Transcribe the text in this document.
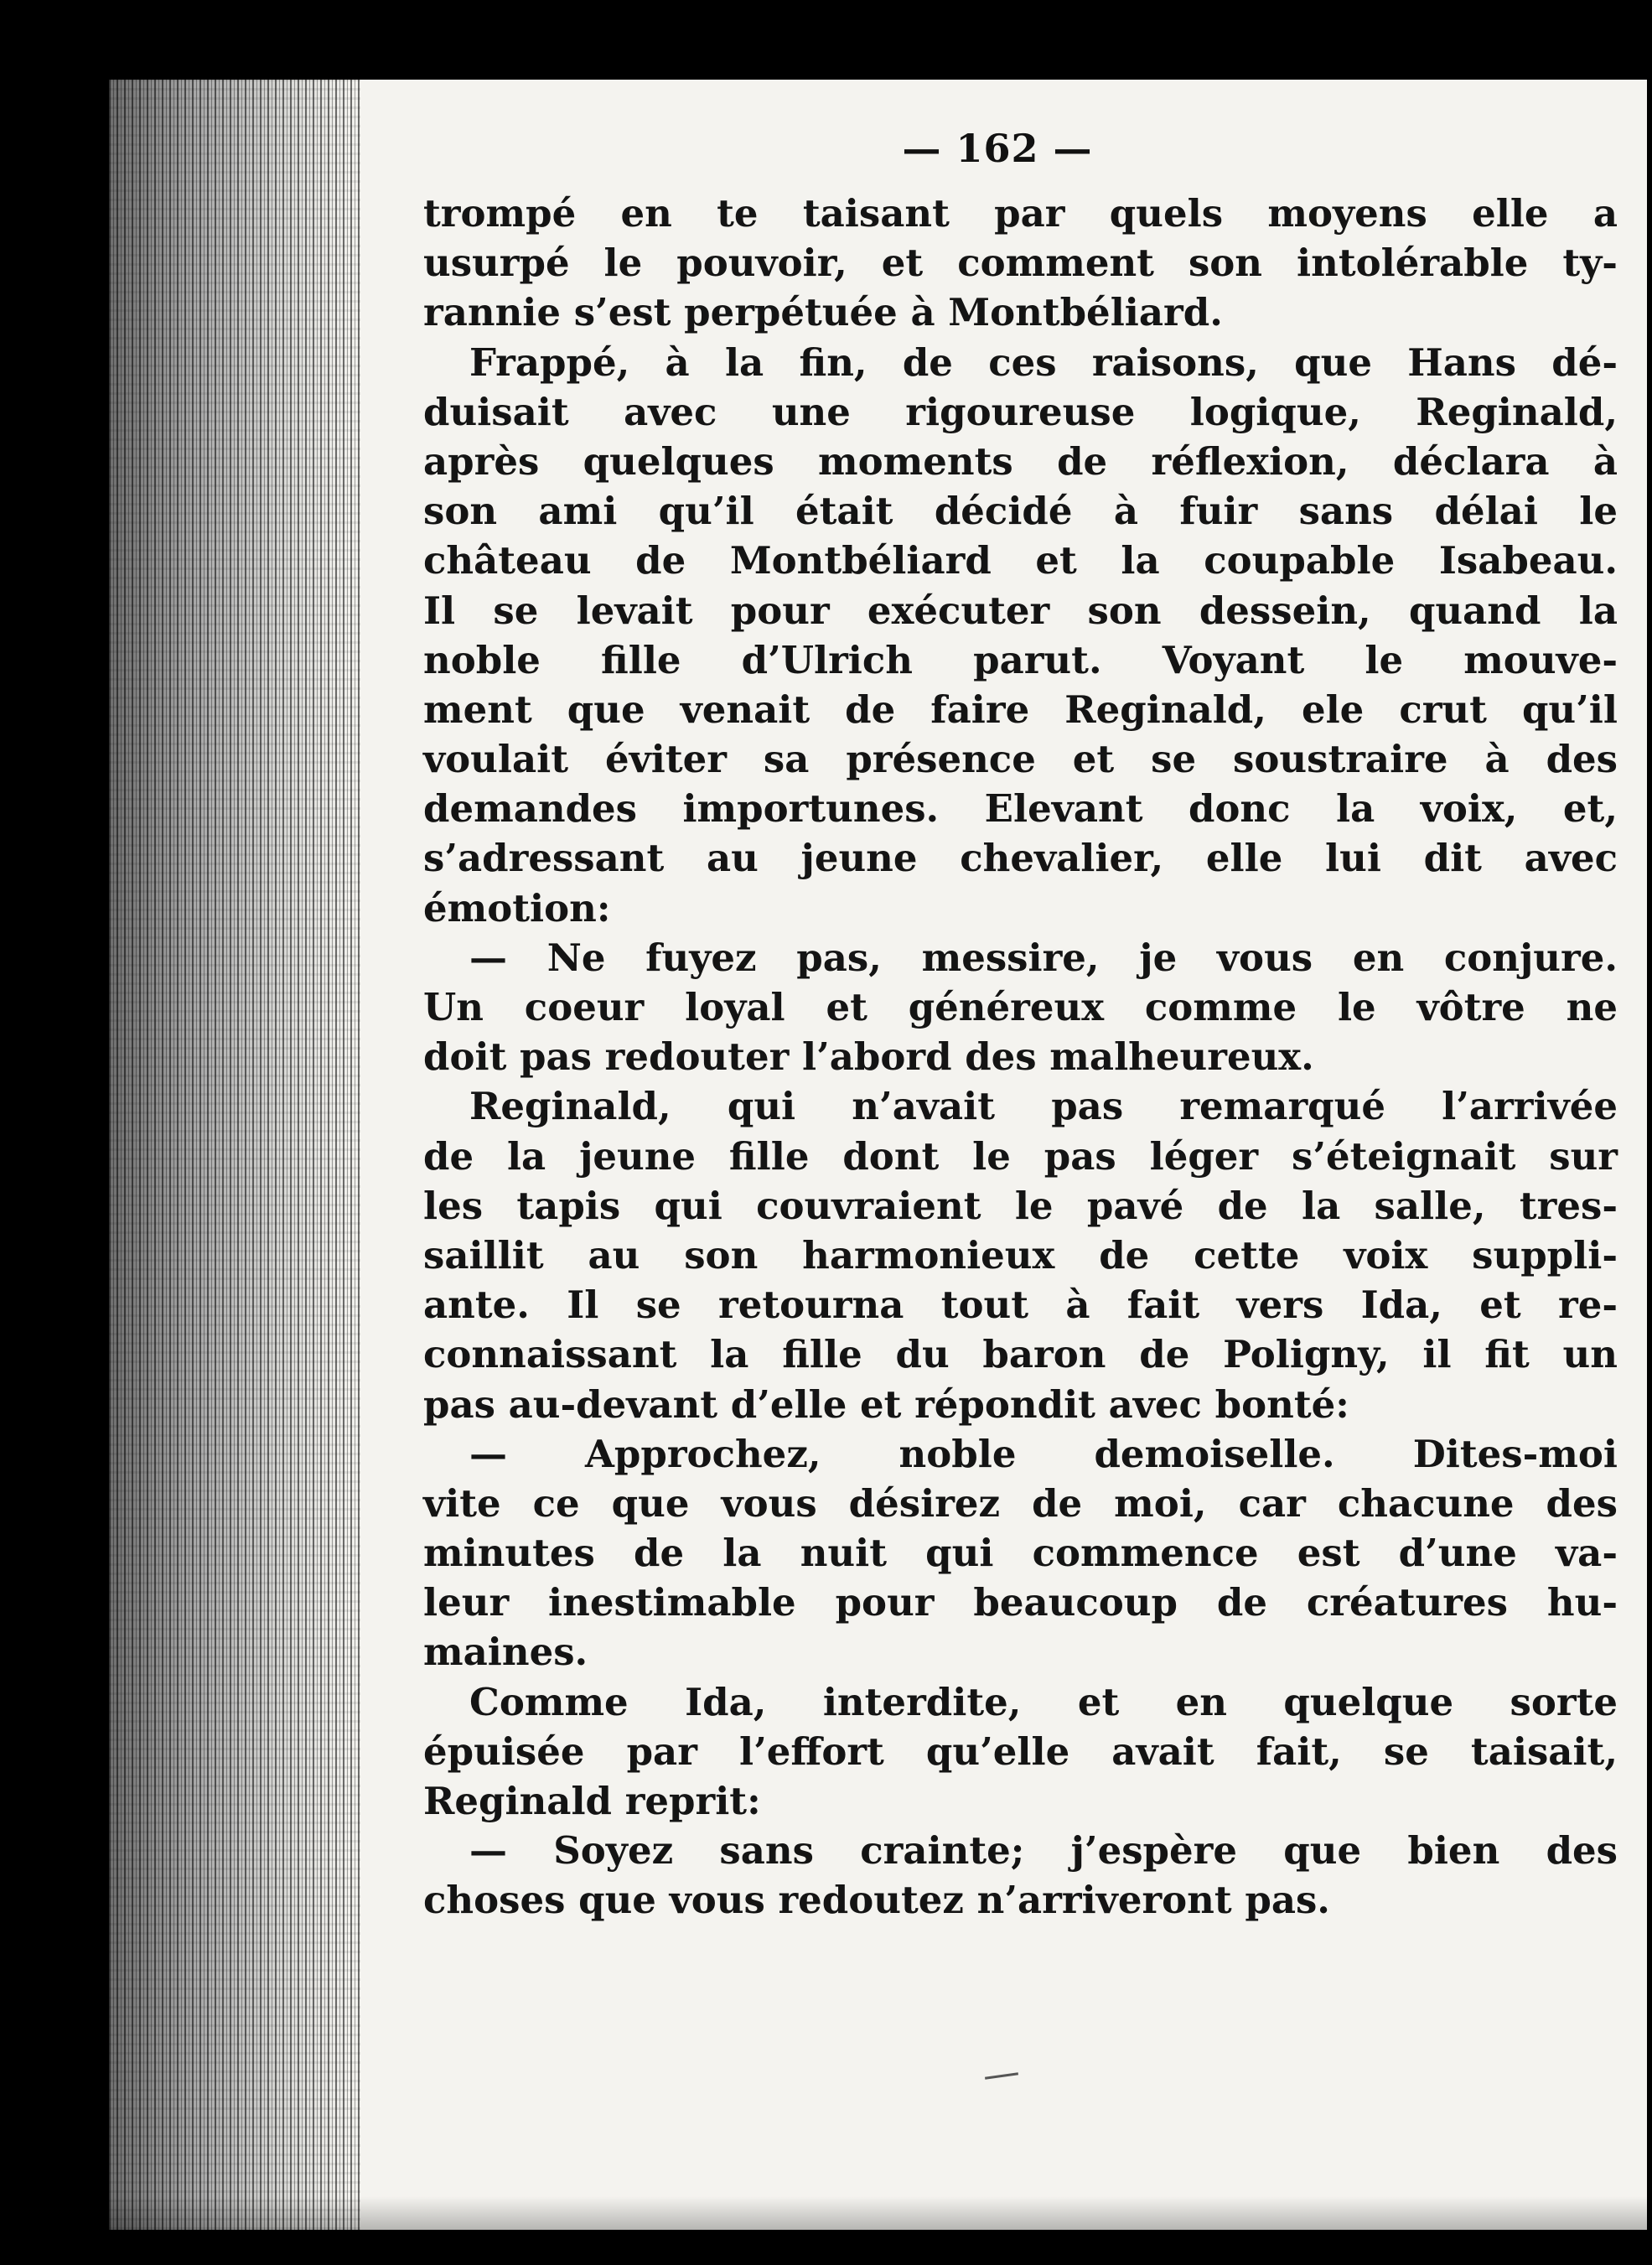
— 162 —
trompé en te taisant par quels moyens elle a
usurpé le pouvoir, et comment son intolérable ty-
rannie s’est perpétuée à Montbéliard.
Frappé, à la fin, de ces raisons, que Hans dé-
duisait avec une rigoureuse logique, Reginald,
après quelques moments de réflexion, déclara à
son ami qu’il était décidé à fuir sans délai le
château de Montbéliard et la coupable Isabeau.
Il se levait pour exécuter son dessein, quand la
noble fille d’Ulrich parut. Voyant le mouve-
ment que venait de faire Reginald, ele crut qu’il
voulait éviter sa présence et se soustraire à des
demandes importunes. Elevant donc la voix, et,
s’adressant au jeune chevalier, elle lui dit avec
émotion:
— Ne fuyez pas, messire, je vous en conjure.
Un coeur loyal et généreux comme le vôtre ne
doit pas redouter l’abord des malheureux.
Reginald, qui n’avait pas remarqué l’arrivée
de la jeune fille dont le pas léger s’éteignait sur
les tapis qui couvraient le pavé de la salle, tres-
saillit au son harmonieux de cette voix suppli-
ante. Il se retourna tout à fait vers Ida, et re-
connaissant la fille du baron de Poligny, il fit un
pas au-devant d’elle et répondit avec bonté:
— Approchez, noble demoiselle. Dites-moi
vite ce que vous désirez de moi, car chacune des
minutes de la nuit qui commence est d’une va-
leur inestimable pour beaucoup de créatures hu-
maines.
Comme Ida, interdite, et en quelque sorte
épuisée par l’effort qu’elle avait fait, se taisait,
Reginald reprit:
— Soyez sans crainte; j’espère que bien des
choses que vous redoutez n’arriveront pas.
